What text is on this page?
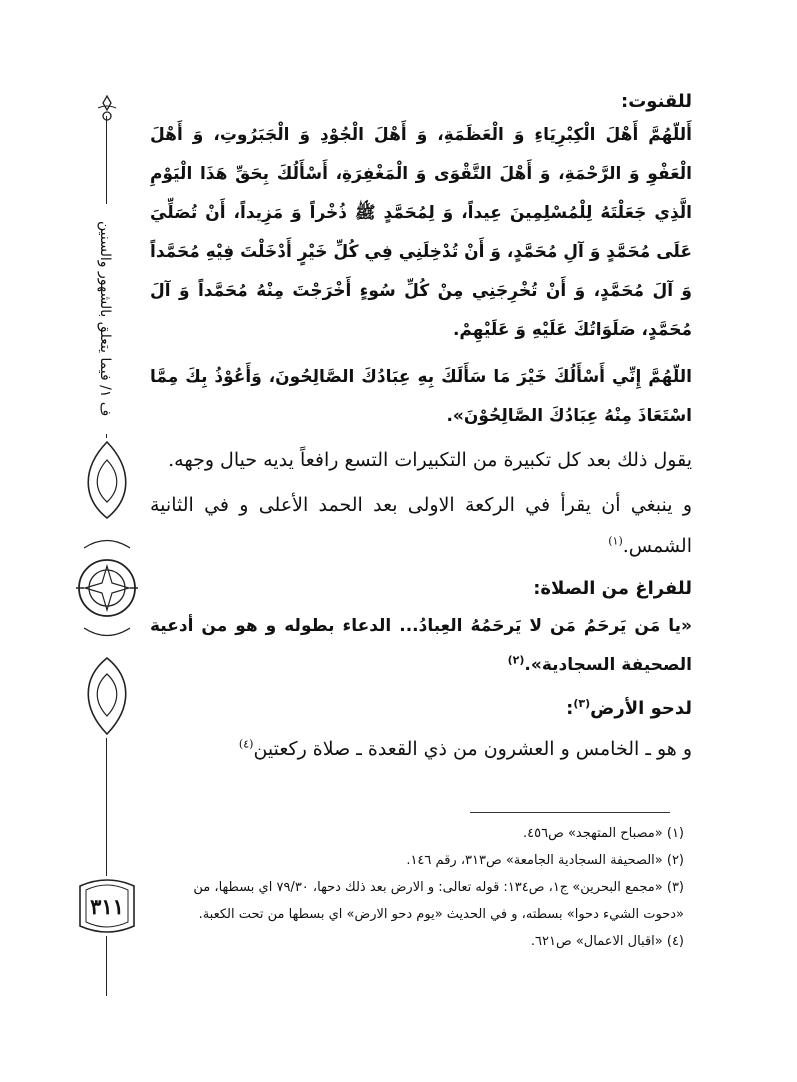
ف ١/ فيما يتعلق بالشهور والسنين
٣١١

للقنوت:

أَللّهُمَّ أَهْلَ الْكِبْرِيَاءِ وَ الْعَظَمَةِ، وَ أَهْلَ الْجُوْدِ وَ الْجَبَرُوتِ، وَ أَهْلَ الْعَفْوِ وَ الرَّحْمَةِ، وَ أَهْلَ التَّقْوَى وَ الْمَغْفِرَةِ، أَسْأَلُكَ بِحَقِّ هَذَا الْيَوْمِ الَّذِي جَعَلْتَهُ لِلْمُسْلِمِينَ عِيداً، وَ لِمُحَمَّدٍ ﷺ ذُخْراً وَ مَزِيداً، أَنْ تُصَلِّيَ عَلَى مُحَمَّدٍ وَ آلِ مُحَمَّدٍ، وَ أَنْ تُدْخِلَنِي فِي كُلِّ خَيْرٍ أَدْخَلْتَ فِيْهِ مُحَمَّداً وَ آلَ مُحَمَّدٍ، وَ أَنْ تُخْرِجَنِي مِنْ كُلِّ سُوءٍ أَخْرَجْتَ مِنْهُ مُحَمَّداً وَ آلَ مُحَمَّدٍ، صَلَوَاتُكَ عَلَيْهِ وَ عَلَيْهِمْ.

اللّهُمَّ إِنِّي أَسْأَلُكَ خَيْرَ مَا سَأَلَكَ بِهِ عِبَادُكَ الصَّالِحُونَ، وَأَعُوْذُ بِكَ مِمَّا اسْتَعَاذَ مِنْهُ عِبَادُكَ الصَّالِحُوْنَ».

يقول ذلك بعد كل تكبيرة من التكبيرات التسع رافعاً يديه حيال وجهه.

و ينبغي أن يقرأ في الركعة الاولى بعد الحمد الأعلى و في الثانية الشمس.$^{(١)}$

للفراغ من الصلاة:

«يا مَن يَرحَمُ مَن لا يَرحَمُهُ العِبادُ... الدعاء بطوله و هو من أدعية الصحيفة السجادية».$^{(٢)}$

لدحو الأرض$^{(٣)}$:

و هو ـ الخامس و العشرون من ذي القعدة ـ صلاة ركعتين$^{(٤)}$

(١) «مصباح المتهجد» ص٤٥٦.

(٢) «الصحيفة السجادية الجامعة» ص٣١٣، رقم ١٤٦.

(٣) «مجمع البحرين» ج١، ص١٣٤: قوله تعالى: و الارض بعد ذلك دحها، ٧٩/٣٠ اي بسطها، من «دحوت الشيء دحوا» بسطته، و في الحديث «يوم دحو الارض» اي بسطها من تحت الكعبة.

(٤) «اقبال الاعمال» ص٦٢١.
